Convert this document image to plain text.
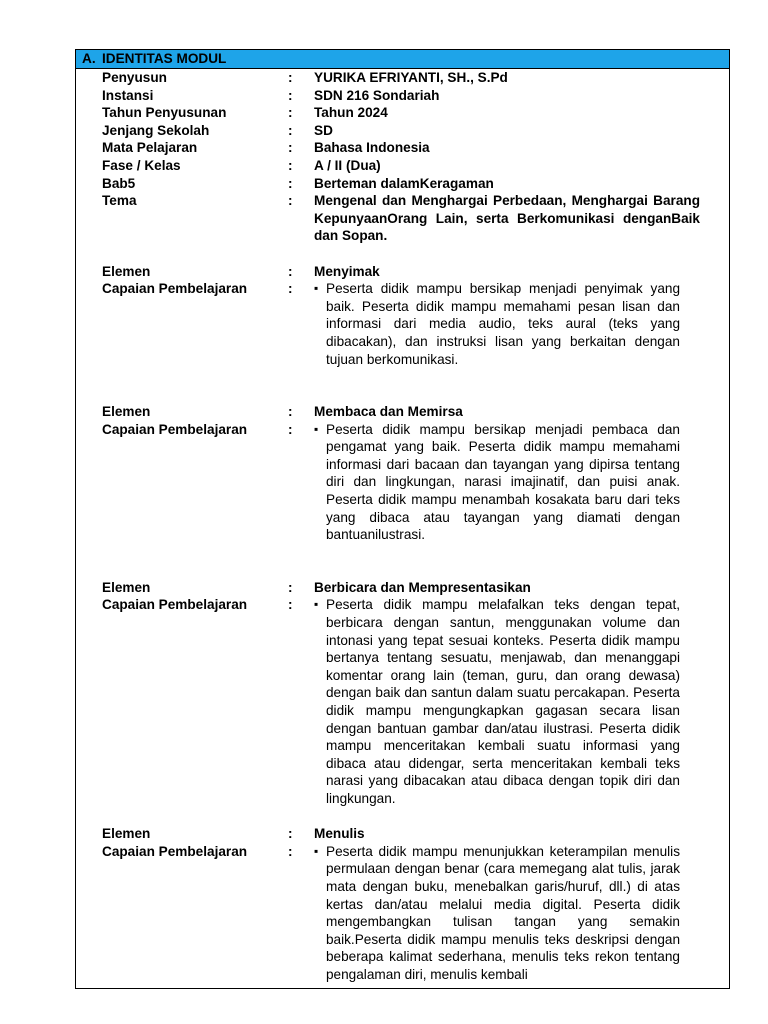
A. IDENTITAS MODUL
Penyusun	:	YURIKA EFRIYANTI, SH., S.Pd
Instansi	:	SDN 216 Sondariah
Tahun Penyusunan	:	Tahun 2024
Jenjang Sekolah	:	SD
Mata Pelajaran	:	Bahasa Indonesia
Fase / Kelas	:	A / II (Dua)
Bab5	:	Berteman dalamKeragaman
Tema	:	Mengenal dan Menghargai Perbedaan, Menghargai Barang KepunyaanOrang Lain, serta Berkomunikasi denganBaik dan Sopan.
Elemen	:	Menyimak
Capaian Pembelajaran	:	▪ Peserta didik mampu bersikap menjadi penyimak yang baik. Peserta didik mampu memahami pesan lisan dan informasi dari media audio, teks aural (teks yang dibacakan), dan instruksi lisan yang berkaitan dengan tujuan berkomunikasi.
Elemen	:	Membaca dan Memirsa
Capaian Pembelajaran	:	▪ Peserta didik mampu bersikap menjadi pembaca dan pengamat yang baik. Peserta didik mampu memahami informasi dari bacaan dan tayangan yang dipirsa tentang diri dan lingkungan, narasi imajinatif, dan puisi anak. Peserta didik mampu menambah kosakata baru dari teks yang dibaca atau tayangan yang diamati dengan bantuanilustrasi.
Elemen	:	Berbicara dan Mempresentasikan
Capaian Pembelajaran	:	▪ Peserta didik mampu melafalkan teks dengan tepat, berbicara dengan santun, menggunakan volume dan intonasi yang tepat sesuai konteks. Peserta didik mampu bertanya tentang sesuatu, menjawab, dan menanggapi komentar orang lain (teman, guru, dan orang dewasa) dengan baik dan santun dalam suatu percakapan. Peserta didik mampu mengungkapkan gagasan secara lisan dengan bantuan gambar dan/atau ilustrasi. Peserta didik mampu menceritakan kembali suatu informasi yang dibaca atau didengar, serta menceritakan kembali teks narasi yang dibacakan atau dibaca dengan topik diri dan lingkungan.
Elemen	:	Menulis
Capaian Pembelajaran	:	▪ Peserta didik mampu menunjukkan keterampilan menulis permulaan dengan benar (cara memegang alat tulis, jarak mata dengan buku, menebalkan garis/huruf, dll.) di atas kertas dan/atau melalui media digital. Peserta didik mengembangkan tulisan tangan yang semakin baik.Peserta didik mampu menulis teks deskripsi dengan beberapa kalimat sederhana, menulis teks rekon tentang pengalaman diri, menulis kembali
